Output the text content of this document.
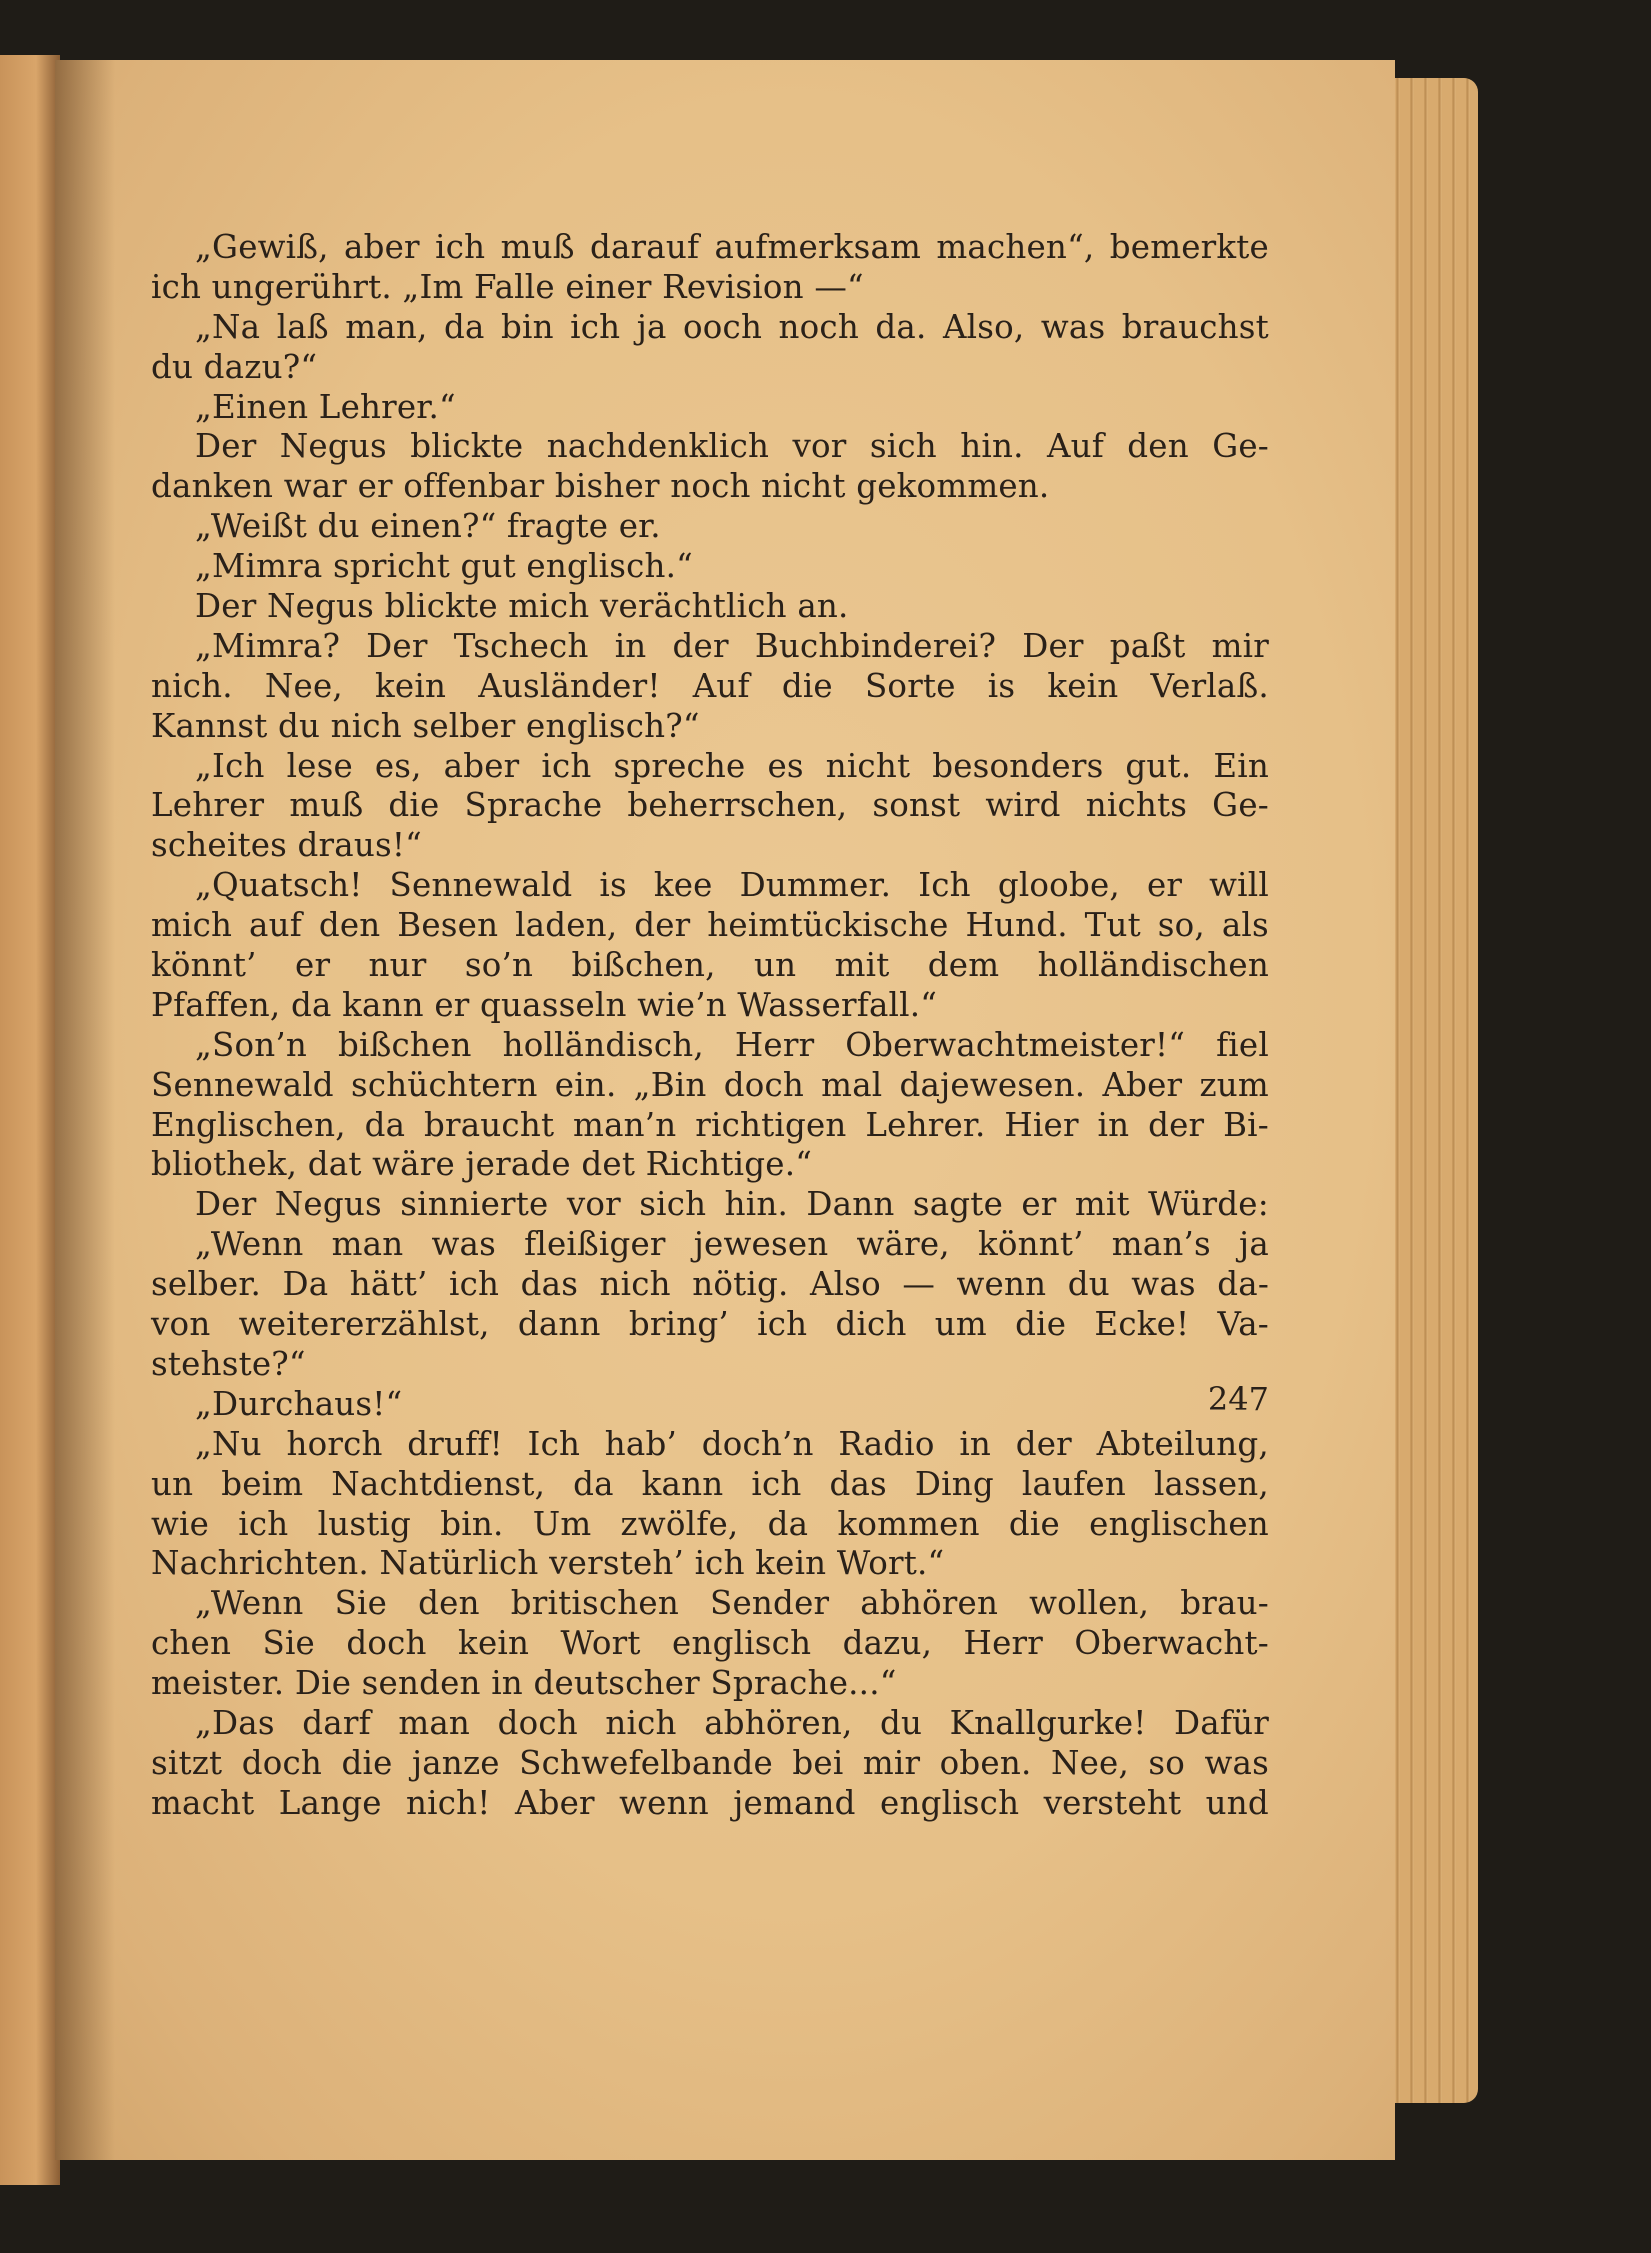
„Gewiß, aber ich muß darauf aufmerksam machen“, bemerkte
ich ungerührt. „Im Falle einer Revision —“
„Na laß man, da bin ich ja ooch noch da. Also, was brauchst
du dazu?“
„Einen Lehrer.“
Der Negus blickte nachdenklich vor sich hin. Auf den Ge-
danken war er offenbar bisher noch nicht gekommen.
„Weißt du einen?“ fragte er.
„Mimra spricht gut englisch.“
Der Negus blickte mich verächtlich an.
„Mimra? Der Tschech in der Buchbinderei? Der paßt mir
nich. Nee, kein Ausländer! Auf die Sorte is kein Verlaß.
Kannst du nich selber englisch?“
„Ich lese es, aber ich spreche es nicht besonders gut. Ein
Lehrer muß die Sprache beherrschen, sonst wird nichts Ge-
scheites draus!“
„Quatsch! Sennewald is kee Dummer. Ich gloobe, er will
mich auf den Besen laden, der heimtückische Hund. Tut so, als
könnt’ er nur so’n bißchen, un mit dem holländischen
Pfaffen, da kann er quasseln wie’n Wasserfall.“
„Son’n bißchen holländisch, Herr Oberwachtmeister!“ fiel
Sennewald schüchtern ein. „Bin doch mal dajewesen. Aber zum
Englischen, da braucht man’n richtigen Lehrer. Hier in der Bi-
bliothek, dat wäre jerade det Richtige.“
Der Negus sinnierte vor sich hin. Dann sagte er mit Würde:
„Wenn man was fleißiger jewesen wäre, könnt’ man’s ja
selber. Da hätt’ ich das nich nötig. Also — wenn du was da-
von weitererzählst, dann bring’ ich dich um die Ecke! Va-
stehste?“
„Durchaus!“
„Nu horch druff! Ich hab’ doch’n Radio in der Abteilung,
un beim Nachtdienst, da kann ich das Ding laufen lassen,
wie ich lustig bin. Um zwölfe, da kommen die englischen
Nachrichten. Natürlich versteh’ ich kein Wort.“
„Wenn Sie den britischen Sender abhören wollen, brau-
chen Sie doch kein Wort englisch dazu, Herr Oberwacht-
meister. Die senden in deutscher Sprache...“
„Das darf man doch nich abhören, du Knallgurke! Dafür
sitzt doch die janze Schwefelbande bei mir oben. Nee, so was
macht Lange nich! Aber wenn jemand englisch versteht und
247
